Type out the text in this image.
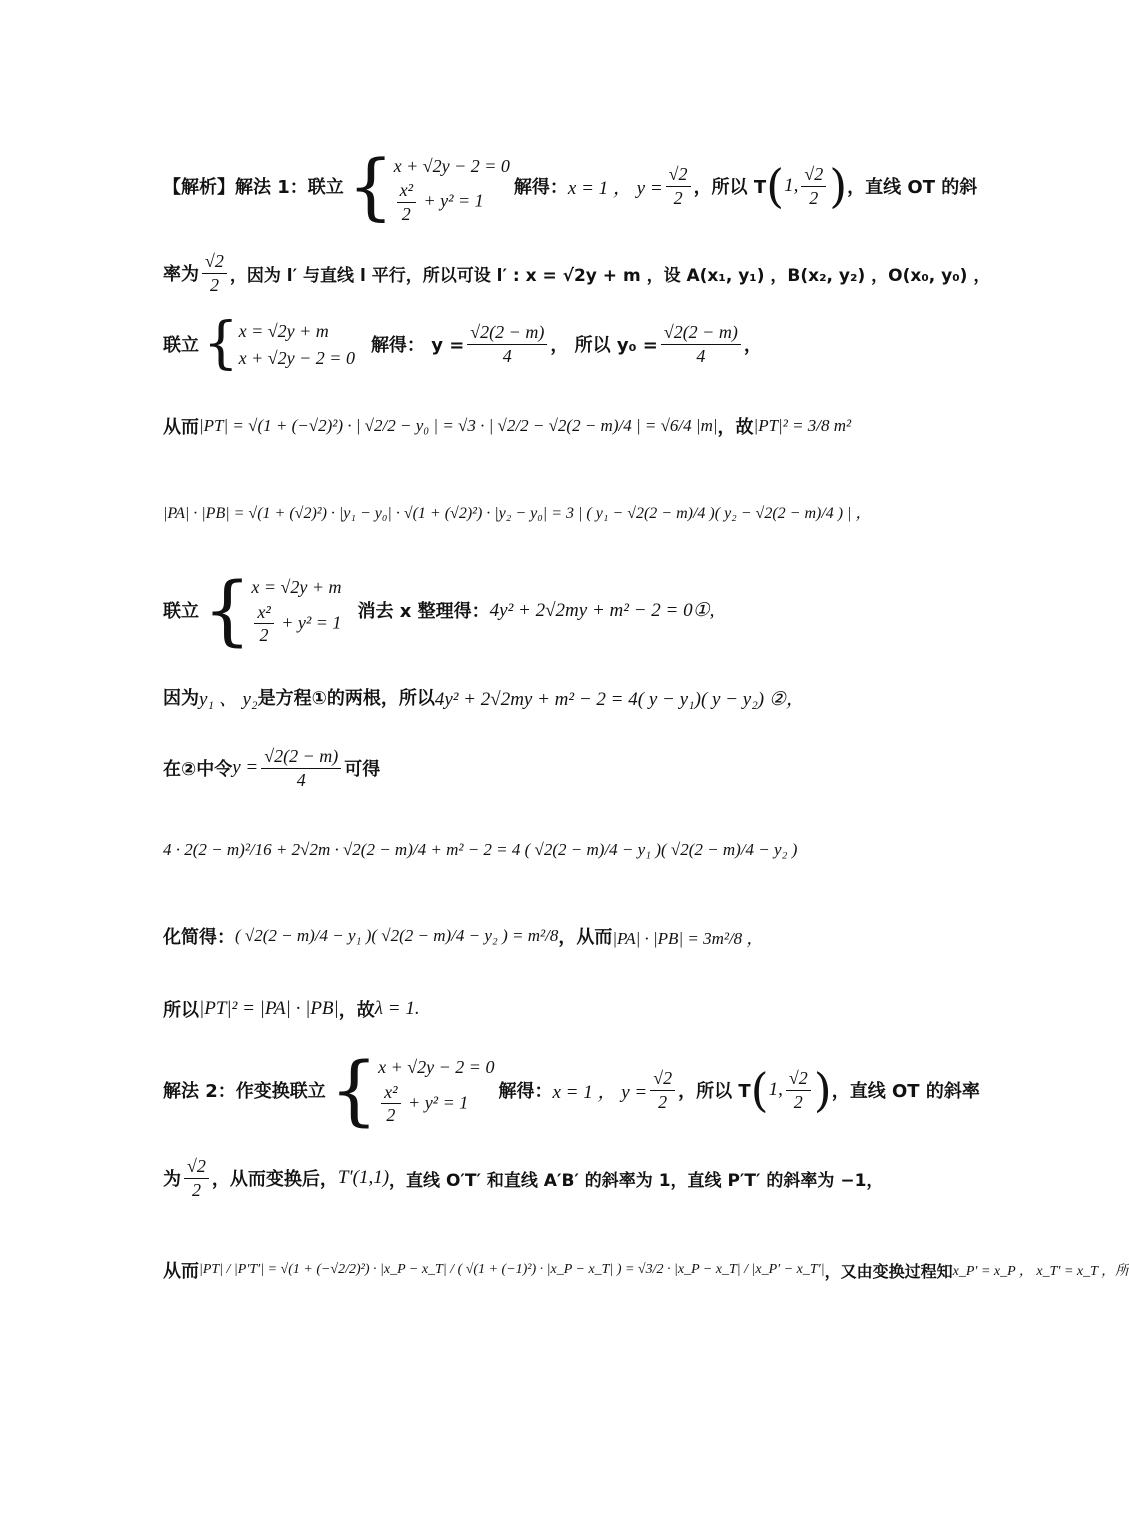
【解析】解法 1：联立 { x + √2y − 2 = 0
$\frac{\text{x²}}{2} + y^2 = 1$
解得： x = 1 ， $y = \frac{√2}{2}$ ，所以 T ( 1, $\frac{√2}{2}$ ) ，直线 OT 的斜
率为 $\frac{√2}{2}$ ，因为 l′ 与直线 l 平行，所以可设 l′ : x = √2y + m ，设 A(x₁, y₁) ，B(x₂, y₂) ，O(x₀, y₀) ，
联立 { x = √2y + m
x + √2y − 2 = 0
解得： $y = \frac{√2(2 - m)}{4}$ ， 所以 $y_0 = \frac{√2(2 - m)}{4}$ ，
从而 |PT| = √(1 + (−√2)²) · | √2/2 − y₀ | = √3 · | √2/2 − √2(2 − m)/4 | = √6/4 |m| ，故 |PT|² = 3/8 m²
|PA| · |PB| = √(1 + (√2)²) · |y₁ − y₀| · √(1 + (√2)²) · |y₂ − y₀| = 3 | ( y₁ − √2(2 − m)/4 )( y₂ − √2(2 − m)/4 ) | ，
联立 { x = √2y + m
$\frac{\text{x²}}{2} + y^2 = 1$ 消去 x 整理得： 4y² + 2√2my + m² − 2 = 0①,
因为 y₁ 、 y₂ 是方程①的两根，所以 4y² + 2√2my + m² − 2 = 4( y − y₁)( y − y₂) ②，
在②中令 $y = \frac{√2(2 - m)}{4}$ 可得
4 · 2(2 − m)²/16 + 2√2m · √2(2 − m)/4 + m² − 2 = 4 ( √2(2 − m)/4 − y₁ )( √2(2 − m)/4 − y₂ )
化简得： ( √2(2 − m)/4 − y₁ )( √2(2 − m)/4 − y₂ ) = m²/8 ，从而 |PA| · |PB| = 3m²/8 ，
所以 |PT|² = |PA| · |PB| ，故 λ = 1.
解法 2：作变换联立 { x + √2y − 2 = 0
$\frac{\text{x²}}{2} + y^2 = 1$	解得： x = 1 ， $y = \frac{√2}{2}$ ，所以 T ( 1, $\frac{√2}{2}$ ) ，直线 OT 的斜率
为 $\frac{√2}{2}$ ，从而变换后， T′(1,1) ，直线 O′T′ 和直线 A′B′ 的斜率为 1，直线 P′T′ 的斜率为 −1，
从而 |PT| / |P′T′| = √(1 + (−√2/2)²) · |x_P − x_T| / ( √(1 + (−1)²) · |x_P − x_T| ) = √3/2 · |x_P − x_T| / |x_P′ − x_T′| ，又由变换过程知 x_P′ = x_P ， x_T′ = x_T ，所
